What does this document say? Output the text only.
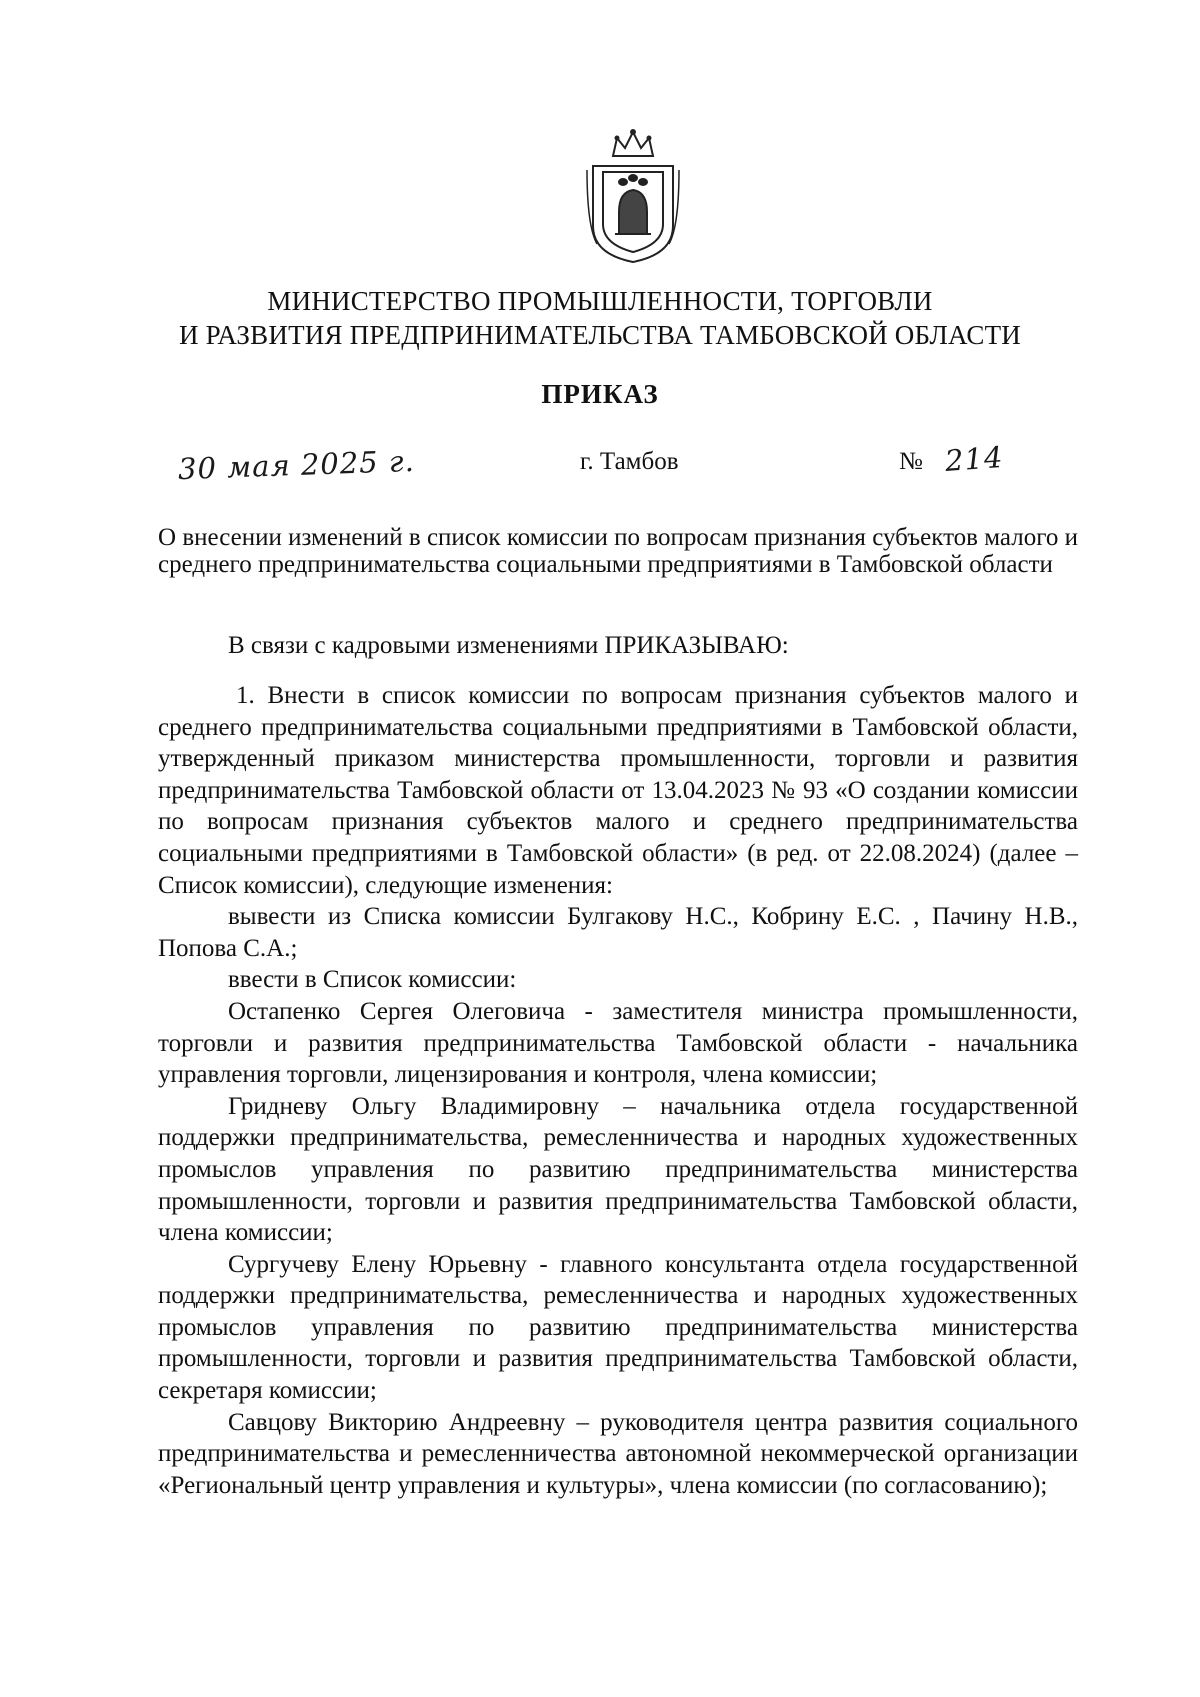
МИНИСТЕРСТВО ПРОМЫШЛЕННОСТИ, ТОРГОВЛИ
И РАЗВИТИЯ ПРЕДПРИНИМАТЕЛЬСТВА ТАМБОВСКОЙ ОБЛАСТИ
ПРИКАЗ
30 мая 2025 г.	г. Тамбов	№ 214
О внесении изменений в список комиссии по вопросам признания субъектов малого и среднего предпринимательства социальными предприятиями в Тамбовской области
В связи с кадровыми изменениями ПРИКАЗЫВАЮ:

1. Внести в список комиссии по вопросам признания субъектов малого и среднего предпринимательства социальными предприятиями в Тамбовской области, утвержденный приказом министерства промышленности, торговли и развития предпринимательства Тамбовской области от 13.04.2023 № 93 «О создании комиссии по вопросам признания субъектов малого и среднего предпринимательства социальными предприятиями в Тамбовской области» (в ред. от 22.08.2024) (далее – Список комиссии), следующие изменения:

вывести из Списка комиссии Булгакову Н.С., Кобрину Е.С. , Пачину Н.В., Попова С.А.;

ввести в Список комиссии:

Остапенко Сергея Олеговича - заместителя министра промышленности, торговли и развития предпринимательства Тамбовской области - начальника управления торговли, лицензирования и контроля, члена комиссии;

Гридневу Ольгу Владимировну – начальника отдела государственной поддержки предпринимательства, ремесленничества и народных художественных промыслов управления по развитию предпринимательства министерства промышленности, торговли и развития предпринимательства Тамбовской области, члена комиссии;

Сургучеву Елену Юрьевну - главного консультанта отдела государственной поддержки предпринимательства, ремесленничества и народных художественных промыслов управления по развитию предпринимательства министерства промышленности, торговли и развития предпринимательства Тамбовской области, секретаря комиссии;

Савцову Викторию Андреевну – руководителя центра развития социального предпринимательства и ремесленничества автономной некоммерческой организации «Региональный центр управления и культуры», члена комиссии (по согласованию);
